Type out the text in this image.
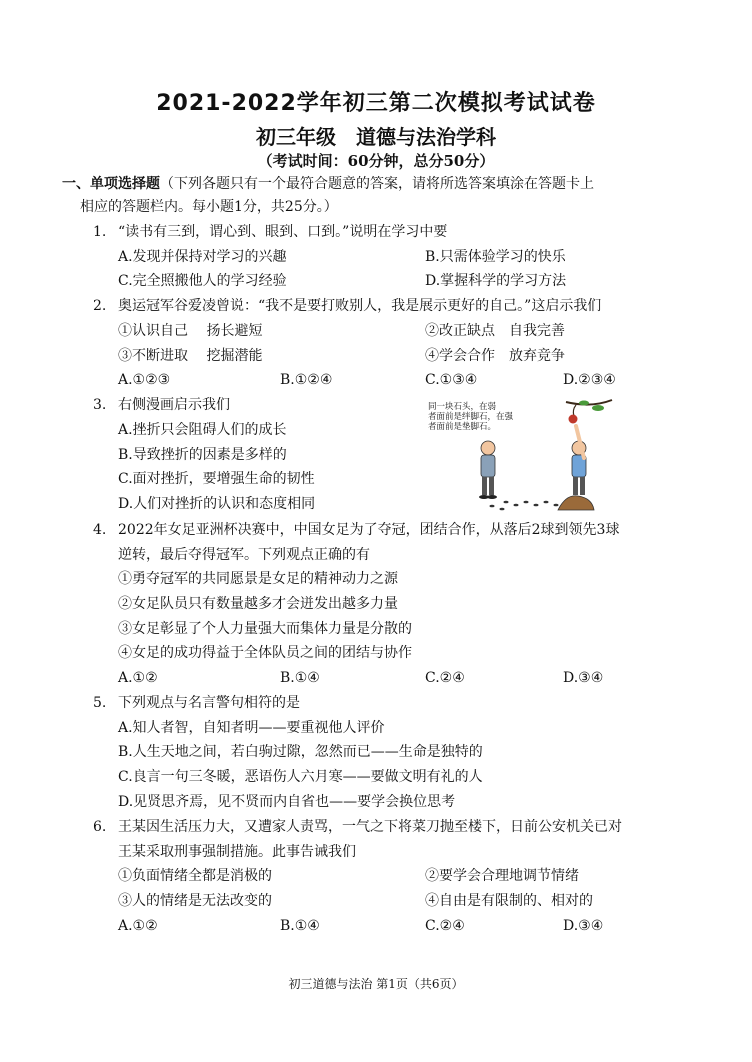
2021-2022学年初三第二次模拟考试试卷
初三年级　道德与法治学科
（考试时间：60分钟，总分50分）
一、单项选择题（下列各题只有一个最符合题意的答案，请将所选答案填涂在答题卡上
相应的答题栏内。每小题1分，共25分。）
1. “读书有三到，谓心到、眼到、口到。”说明在学习中要
A.发现并保持对学习的兴趣	B.只需体验学习的快乐
C.完全照搬他人的学习经验	D.掌握科学的学习方法
2. 奥运冠军谷爱凌曾说：“我不是要打败别人，我是展示更好的自己。”这启示我们
①认识自己　 扬长避短	②改正缺点　自我完善
③不断进取　 挖掘潜能	④学会合作　放弃竞争
A.①②③	B.①②④	C.①③④	D.②③④
3. 右侧漫画启示我们
A.挫折只会阻碍人们的成长
B.导致挫折的因素是多样的
C.面对挫折，要增强生命的韧性
D.人们对挫折的认识和态度相同
同一块石头，在弱
者面前是绊脚石，在强
者面前是垫脚石。
4. 2022年女足亚洲杯决赛中，中国女足为了夺冠，团结合作，从落后2球到领先3球
逆转，最后夺得冠军。下列观点正确的有
①勇夺冠军的共同愿景是女足的精神动力之源
②女足队员只有数量越多才会迸发出越多力量
③女足彰显了个人力量强大而集体力量是分散的
④女足的成功得益于全体队员之间的团结与协作
A.①②	B.①④	C.②④	D.③④
5. 下列观点与名言警句相符的是
A.知人者智，自知者明——要重视他人评价
B.人生天地之间，若白驹过隙，忽然而已——生命是独特的
C.良言一句三冬暖，恶语伤人六月寒——要做文明有礼的人
D.见贤思齐焉，见不贤而内自省也——要学会换位思考
6. 王某因生活压力大，又遭家人责骂，一气之下将菜刀抛至楼下，日前公安机关已对
王某采取刑事强制措施。此事告诫我们
①负面情绪全都是消极的	②要学会合理地调节情绪
③人的情绪是无法改变的	④自由是有限制的、相对的
A.①②	B.①④	C.②④	D.③④
初三道德与法治 第1页（共6页）
